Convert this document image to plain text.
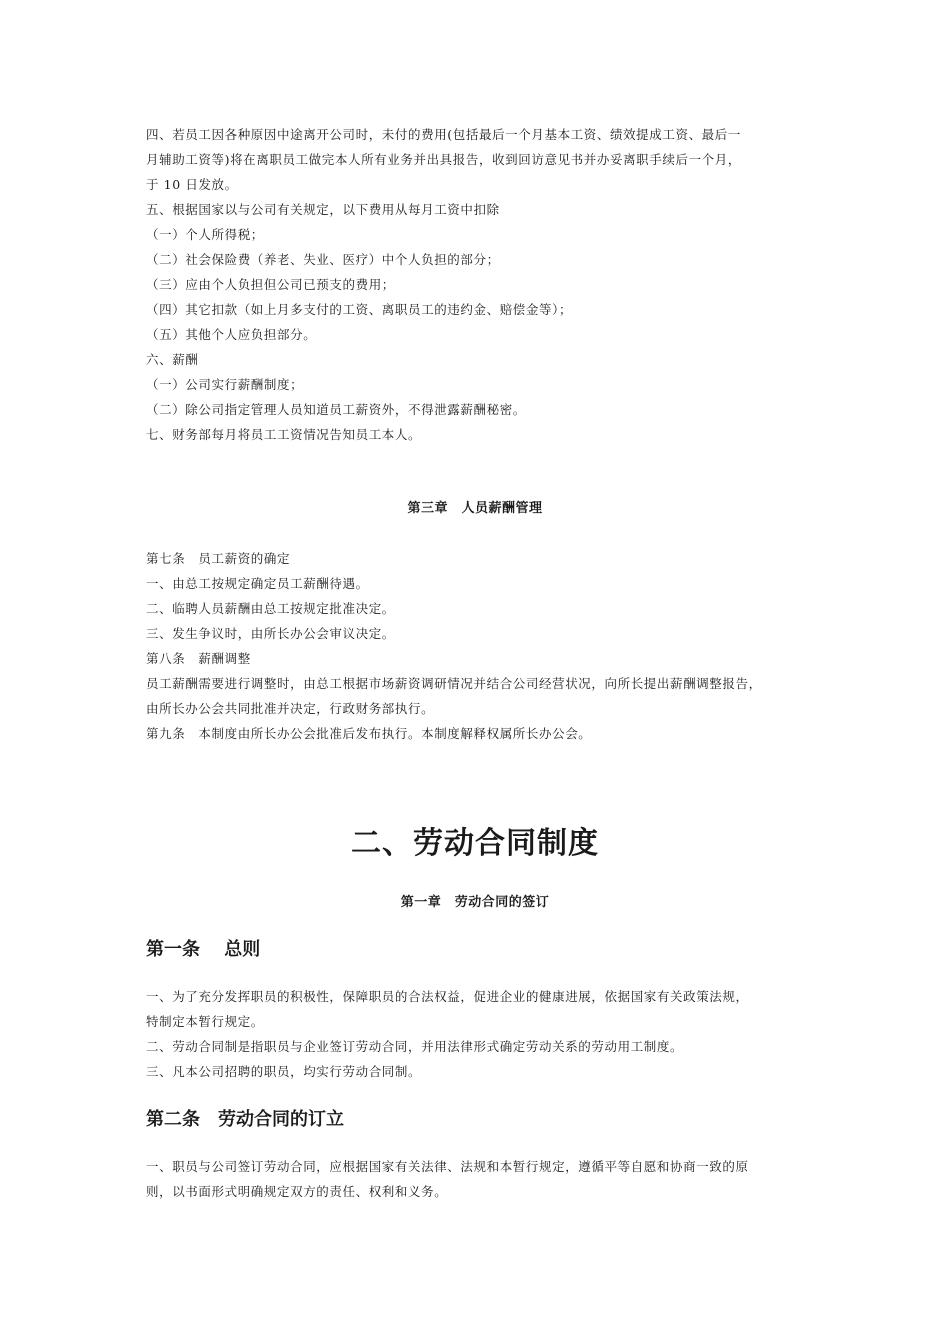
四、若员工因各种原因中途离开公司时，未付的费用(包括最后一个月基本工资、绩效提成工资、最后一
月辅助工资等)将在离职员工做完本人所有业务并出具报告，收到回访意见书并办妥离职手续后一个月，
于 10 日发放。
五、根据国家以与公司有关规定，以下费用从每月工资中扣除
（一）个人所得税；
（二）社会保险费（养老、失业、医疗）中个人负担的部分；
（三）应由个人负担但公司已预支的费用；
（四）其它扣款（如上月多支付的工资、离职员工的违约金、赔偿金等）；
（五）其他个人应负担部分。
六、薪酬
（一）公司实行薪酬制度；
（二）除公司指定管理人员知道员工薪资外，不得泄露薪酬秘密。
七、财务部每月将员工工资情况告知员工本人。
第三章　人员薪酬管理
第七条　员工薪资的确定
一、由总工按规定确定员工薪酬待遇。
二、临聘人员薪酬由总工按规定批准决定。
三、发生争议时，由所长办公会审议决定。
第八条　薪酬调整
员工薪酬需要进行调整时，由总工根据市场薪资调研情况并结合公司经营状况，向所长提出薪酬调整报告，
由所长办公会共同批准并决定，行政财务部执行。
第九条　本制度由所长办公会批准后发布执行。本制度解释权属所长办公会。
二、劳动合同制度
第一章　劳动合同的签订
第一条　 总则
一、为了充分发挥职员的积极性，保障职员的合法权益，促进企业的健康进展，依据国家有关政策法规，
特制定本暂行规定。
二、劳动合同制是指职员与企业签订劳动合同，并用法律形式确定劳动关系的劳动用工制度。
三、凡本公司招聘的职员，均实行劳动合同制。
第二条　劳动合同的订立
一、职员与公司签订劳动合同，应根据国家有关法律、法规和本暂行规定，遵循平等自愿和协商一致的原
则，以书面形式明确规定双方的责任、权利和义务。
